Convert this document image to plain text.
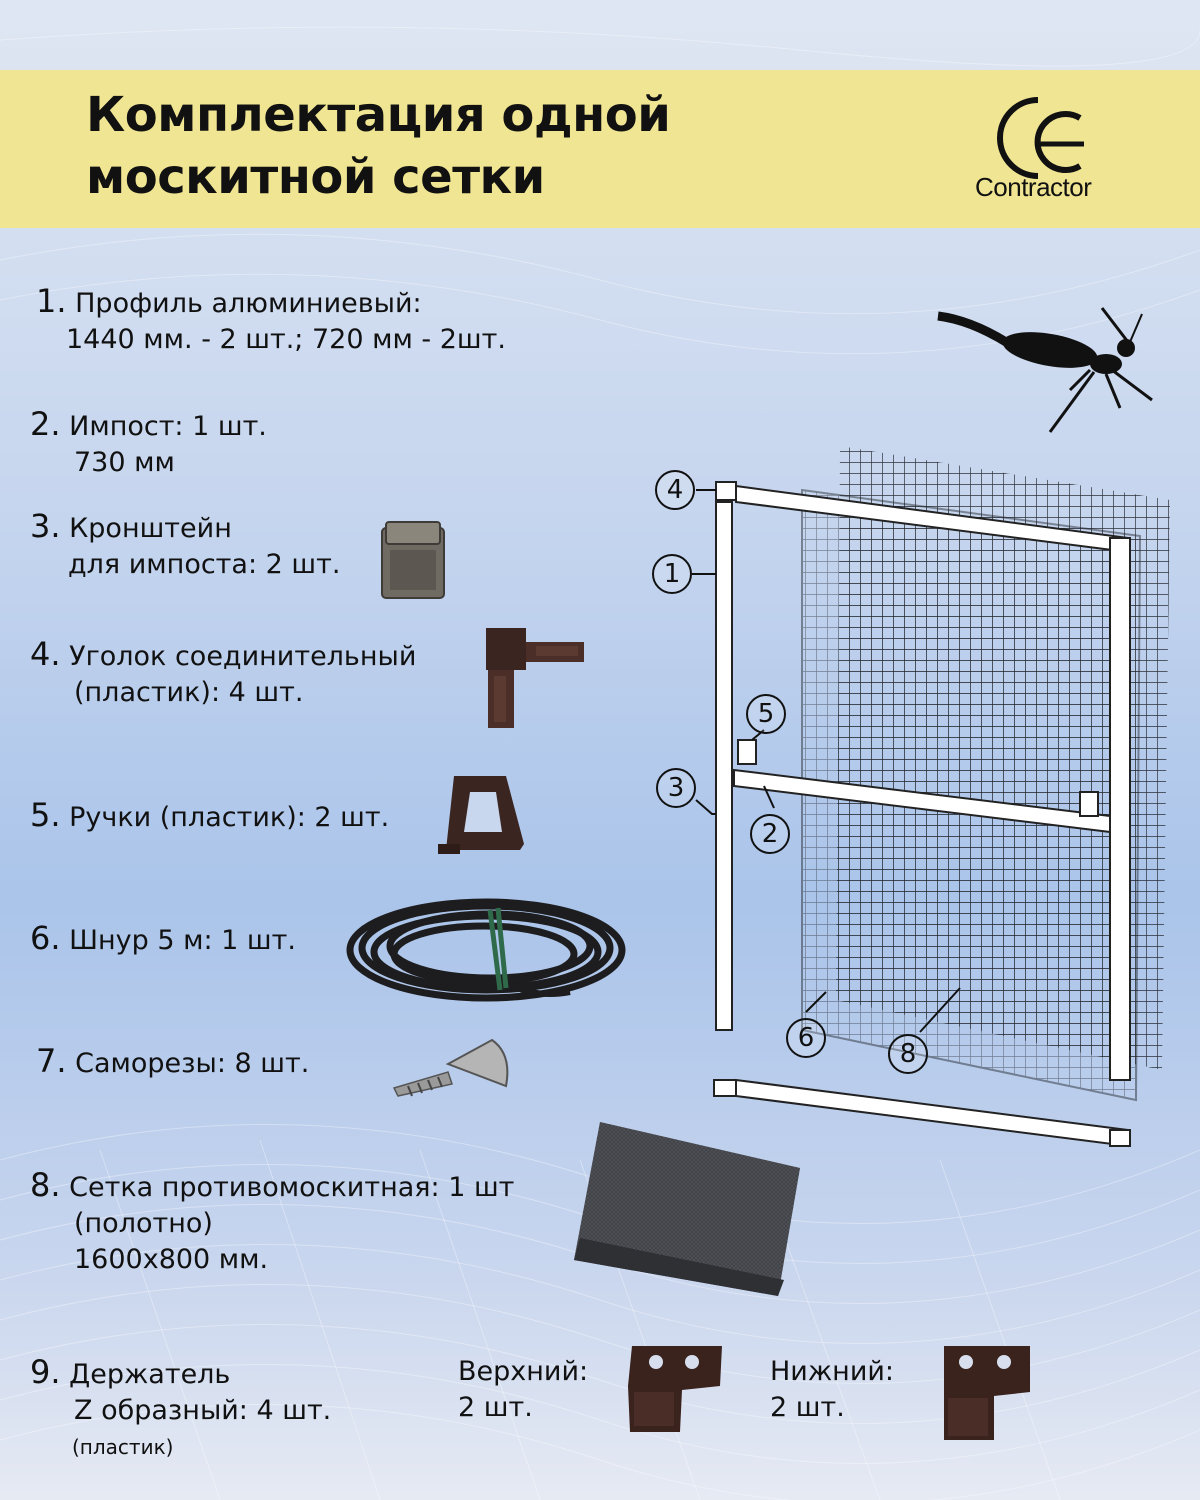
Комплектация одной
москитной сетки	Contractor
1. Профиль алюминиевый:
1440 мм. - 2 шт.; 720 мм - 2шт.
2. Импост: 1 шт.
730 мм
3. Кронштейн
для импоста: 2 шт.
4. Уголок соединительный
(пластик): 4 шт.
5. Ручки (пластик): 2 шт.
6. Шнур 5 м: 1 шт.
7. Саморезы: 8 шт.
8. Сетка противомоскитная: 1 шт
(полотно)
1600x800 мм.
9. Держатель
Z образный: 4 шт.
(пластик)
Верхний:
2 шт.
Нижний:
2 шт.
4
1
5
3
2
6
8
